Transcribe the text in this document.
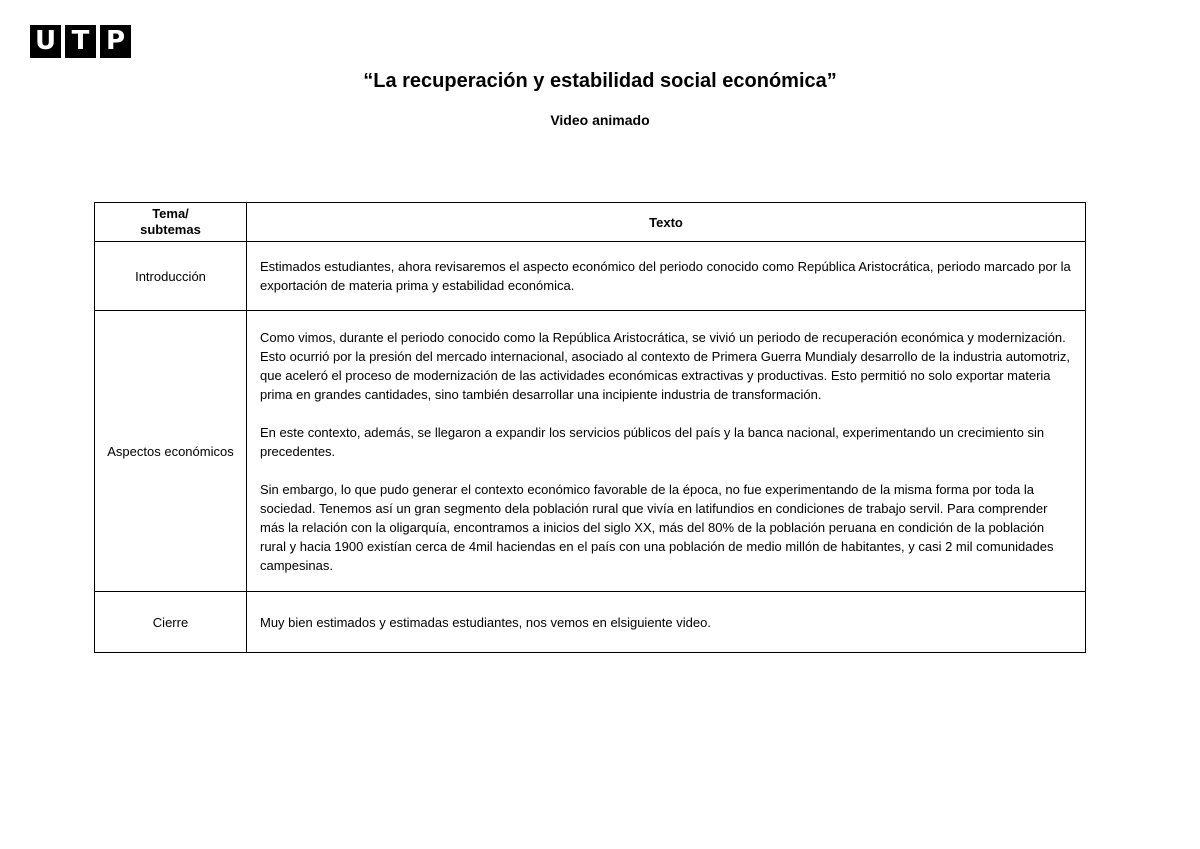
U T P
“La recuperación y estabilidad social económica”
Video animado
Tema/
subtemas	Texto
Introducción	Estimados estudiantes, ahora revisaremos el aspecto económico del periodo conocido como República Aristocrática, periodo marcado por la exportación de materia prima y estabilidad económica.

Aspectos económicos	Como vimos, durante el periodo conocido como la República Aristocrática, se vivió un periodo de recuperación económica y modernización. Esto ocurrió por la presión del mercado internacional, asociado al contexto de Primera Guerra Mundialy desarrollo de la industria automotriz, que aceleró el proceso de modernización de las actividades económicas extractivas y productivas. Esto permitió no solo exportar materia prima en grandes cantidades, sino también desarrollar una incipiente industria de transformación.

En este contexto, además, se llegaron a expandir los servicios públicos del país y la banca nacional, experimentando un crecimiento sin precedentes.

Sin embargo, lo que pudo generar el contexto económico favorable de la época, no fue experimentando de la misma forma por toda la sociedad. Tenemos así un gran segmento dela población rural que vivía en latifundios en condiciones de trabajo servil. Para comprender más la relación con la oligarquía, encontramos a inicios del siglo XX, más del 80% de la población peruana en condición de la población rural y hacia 1900 existían cerca de 4mil haciendas en el país con una población de medio millón de habitantes, y casi 2 mil comunidades campesinas.

Cierre	Muy bien estimados y estimadas estudiantes, nos vemos en elsiguiente video.
